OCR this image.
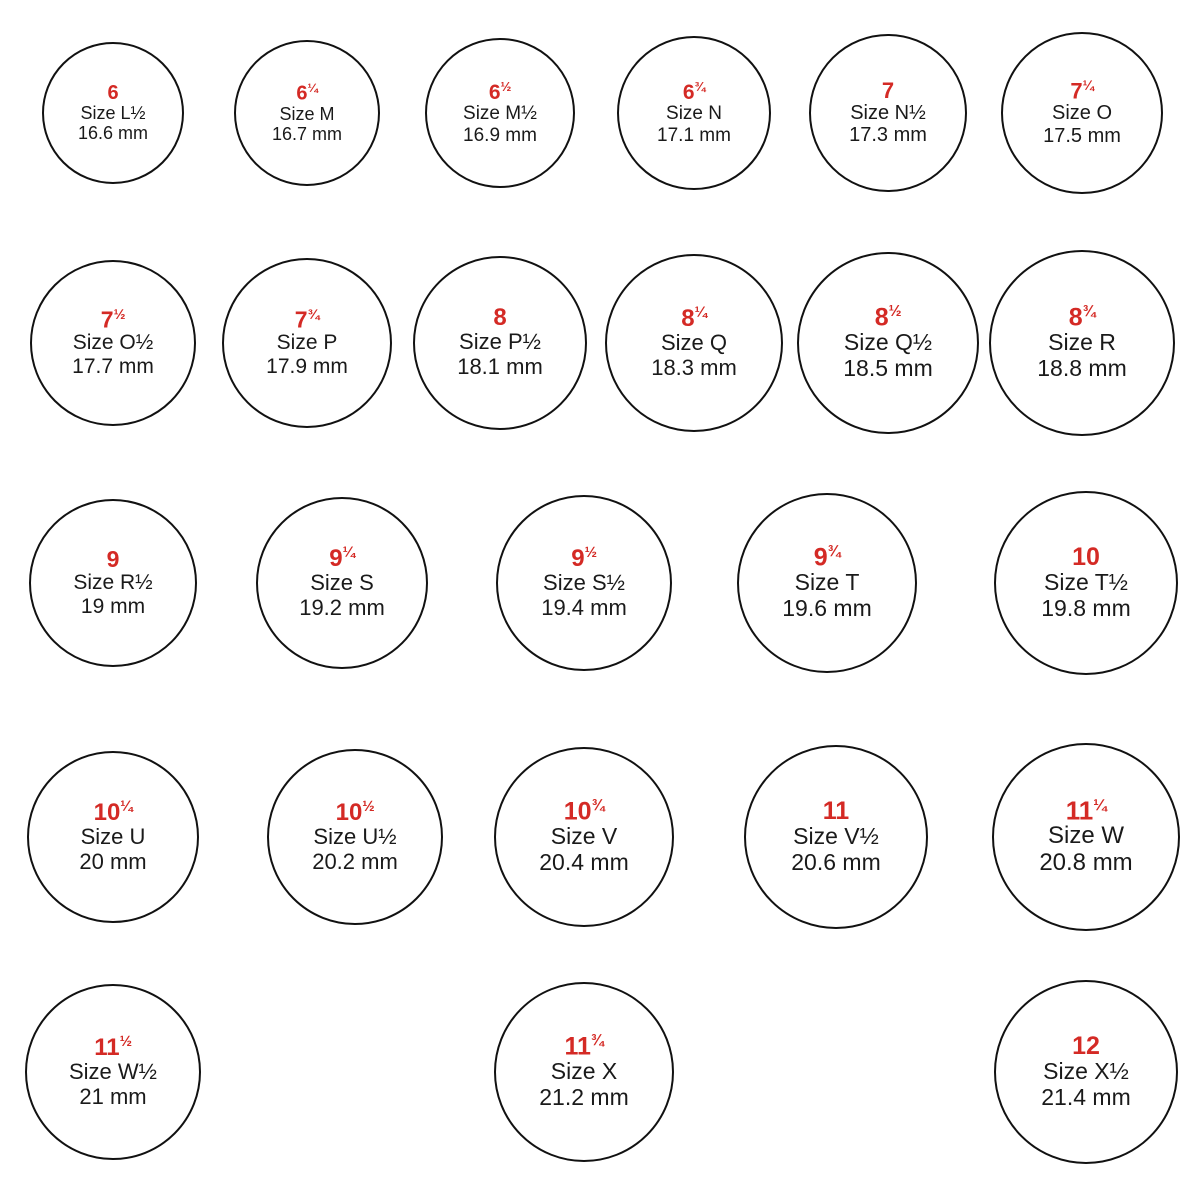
6
Size L½
16.6 mm
$6^{\frac{1}{4}}$
Size M
16.7 mm
$6^{\frac{1}{2}}$
Size M½
16.9 mm
$6^{\frac{3}{4}}$
Size N
17.1 mm
7
Size N½
17.3 mm
$7^{\frac{1}{4}}$
Size O
17.5 mm
$7^{\frac{1}{2}}$
Size O½
17.7 mm
$7^{\frac{3}{4}}$
Size P
17.9 mm
8
Size P½
18.1 mm
$8^{\frac{1}{4}}$
Size Q
18.3 mm
$8^{\frac{1}{2}}$
Size Q½
18.5 mm
$8^{\frac{3}{4}}$
Size R
18.8 mm
9
Size R½
19 mm
$9^{\frac{1}{4}}$
Size S
19.2 mm
$9^{\frac{1}{2}}$
Size S½
19.4 mm
$9^{\frac{3}{4}}$
Size T
19.6 mm
10
Size T½
19.8 mm
$10^{\frac{1}{4}}$
Size U
20 mm
$10^{\frac{1}{2}}$
Size U½
20.2 mm
$10^{\frac{3}{4}}$
Size V
20.4 mm
11
Size V½
20.6 mm
$11^{\frac{1}{4}}$
Size W
20.8 mm
$11^{\frac{1}{2}}$
Size W½
21 mm
$11^{\frac{3}{4}}$
Size X
21.2 mm
12
Size X½
21.4 mm
